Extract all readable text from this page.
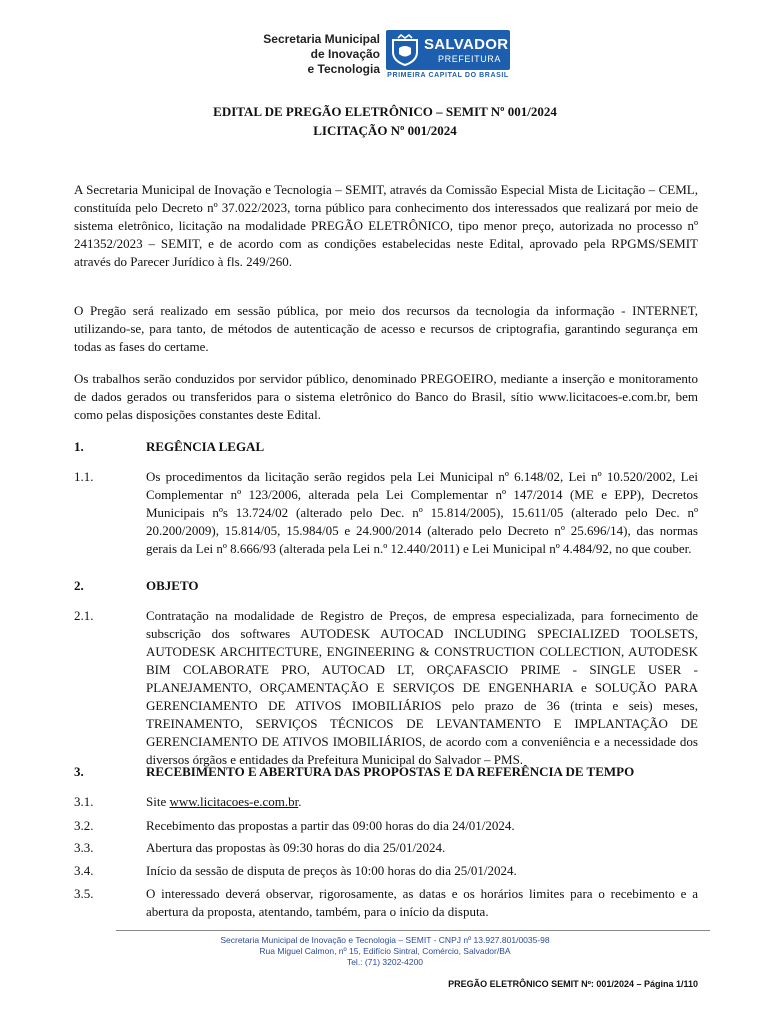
Secretaria Municipal
de Inovação
e Tecnologia
SALVADOR
PREFEITURA
PRIMEIRA CAPITAL DO BRASIL
EDITAL DE PREGÃO ELETRÔNICO – SEMIT Nº 001/2024
LICITAÇÃO Nº 001/2024
A Secretaria Municipal de Inovação e Tecnologia – SEMIT, através da Comissão Especial Mista de Licitação – CEML, constituída pelo Decreto nº 37.022/2023, torna público para conhecimento dos interessados que realizará por meio de sistema eletrônico, licitação na modalidade PREGÃO ELETRÔNICO, tipo menor preço, autorizada no processo nº 241352/2023 – SEMIT, e de acordo com as condições estabelecidas neste Edital, aprovado pela RPGMS/SEMIT através do Parecer Jurídico à fls. 249/260.
O Pregão será realizado em sessão pública, por meio dos recursos da tecnologia da informação - INTERNET, utilizando-se, para tanto, de métodos de autenticação de acesso e recursos de criptografia, garantindo segurança em todas as fases do certame.
Os trabalhos serão conduzidos por servidor público, denominado PREGOEIRO, mediante a inserção e monitoramento de dados gerados ou transferidos para o sistema eletrônico do Banco do Brasil, sítio www.licitacoes-e.com.br, bem como pelas disposições constantes deste Edital.
1.	REGÊNCIA LEGAL
1.1.	Os procedimentos da licitação serão regidos pela Lei Municipal nº 6.148/02, Lei nº 10.520/2002, Lei Complementar nº 123/2006, alterada pela Lei Complementar nº 147/2014 (ME e EPP), Decretos Municipais nºs 13.724/02 (alterado pelo Dec. nº 15.814/2005), 15.611/05 (alterado pelo Dec. nº 20.200/2009), 15.814/05, 15.984/05 e 24.900/2014 (alterado pelo Decreto nº 25.696/14), das normas gerais da Lei nº 8.666/93 (alterada pela Lei n.º 12.440/2011) e Lei Municipal nº 4.484/92, no que couber.
2.	OBJETO
2.1.	Contratação na modalidade de Registro de Preços, de empresa especializada, para fornecimento de subscrição dos softwares AUTODESK AUTOCAD INCLUDING SPECIALIZED TOOLSETS, AUTODESK ARCHITECTURE, ENGINEERING & CONSTRUCTION COLLECTION, AUTODESK BIM COLABORATE PRO, AUTOCAD LT, ORÇAFASCIO PRIME - SINGLE USER - PLANEJAMENTO, ORÇAMENTAÇÃO E SERVIÇOS DE ENGENHARIA e SOLUÇÃO PARA GERENCIAMENTO DE ATIVOS IMOBILIÁRIOS pelo prazo de 36 (trinta e seis) meses, TREINAMENTO, SERVIÇOS TÉCNICOS DE LEVANTAMENTO E IMPLANTAÇÃO DE GERENCIAMENTO DE ATIVOS IMOBILIÁRIOS, de acordo com a conveniência e a necessidade dos diversos órgãos e entidades da Prefeitura Municipal do Salvador – PMS.
3.	RECEBIMENTO E ABERTURA DAS PROPOSTAS E DA REFERÊNCIA DE TEMPO
3.1.	Site www.licitacoes-e.com.br.
3.2.	Recebimento das propostas a partir das 09:00 horas do dia 24/01/2024.
3.3.	Abertura das propostas às 09:30 horas do dia 25/01/2024.
3.4.	Início da sessão de disputa de preços às 10:00 horas do dia 25/01/2024.
3.5.	O interessado deverá observar, rigorosamente, as datas e os horários limites para o recebimento e a abertura da proposta, atentando, também, para o início da disputa.
Secretaria Municipal de Inovação e Tecnologia – SEMIT - CNPJ nº 13.927.801/0035-98
Rua Miguel Calmon, nº 15, Edifício Sintral, Comércio, Salvador/BA
Tel.: (71) 3202-4200
PREGÃO ELETRÔNICO SEMIT Nº: 001/2024 – Página 1/110
